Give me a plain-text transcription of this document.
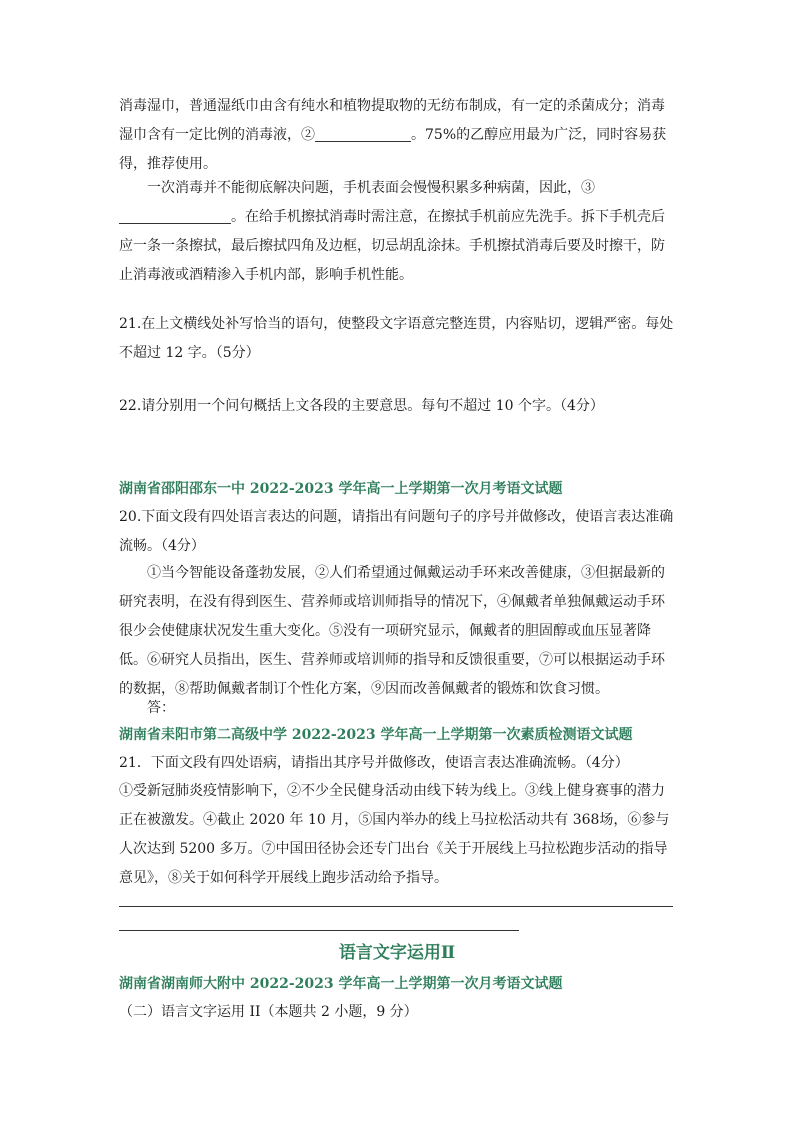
消毒湿巾，普通湿纸巾由含有纯水和植物提取物的无纺布制成，有一定的杀菌成分；消毒湿巾含有一定比例的消毒液，②	。75%的乙醇应用最为广泛，同时容易获得，推荐使用。

一次消毒并不能彻底解决问题，手机表面会慢慢积累多种病菌，因此，③。在给手机擦拭消毒时需注意，在擦拭手机前应先洗手。拆下手机壳后应一条一条擦拭，最后擦拭四角及边框，切忌胡乱涂抹。手机擦拭消毒后要及时擦干，防止消毒液或酒精渗入手机内部，影响手机性能。

21.在上文横线处补写恰当的语句，使整段文字语意完整连贯，内容贴切，逻辑严密。每处不超过 12 字。（5分）

22.请分别用一个问句概括上文各段的主要意思。每句不超过 10 个字。（4分）

湖南省邵阳邵东一中 2022-2023 学年高一上学期第一次月考语文试题

20.下面文段有四处语言表达的问题，请指出有问题句子的序号并做修改，使语言表达准确流畅。（4分）

①当今智能设备蓬勃发展，②人们希望通过佩戴运动手环来改善健康，③但据最新的研究表明，在没有得到医生、营养师或培训师指导的情况下，④佩戴者单独佩戴运动手环很少会使健康状况发生重大变化。⑤没有一项研究显示，佩戴者的胆固醇或血压显著降低。⑥研究人员指出，医生、营养师或培训师的指导和反馈很重要，⑦可以根据运动手环的数据，⑧帮助佩戴者制订个性化方案，⑨因而改善佩戴者的锻炼和饮食习惯。

答：

湖南省耒阳市第二高级中学 2022-2023 学年高一上学期第一次素质检测语文试题

21．下面文段有四处语病，请指出其序号并做修改，使语言表达准确流畅。（4分）

①受新冠肺炎疫情影响下，②不少全民健身活动由线下转为线上。③线上健身赛事的潜力正在被激发。④截止 2020 年 10 月，⑤国内举办的线上马拉松活动共有 368场，⑥参与人次达到 5200 多万。⑦中国田径协会还专门出台《关于开展线上马拉松跑步活动的指导意见》，⑧关于如何科学开展线上跑步活动给予指导。

语言文字运用Ⅱ

湖南省湖南师大附中 2022-2023 学年高一上学期第一次月考语文试题

（二）语言文字运用 II（本题共 2 小题，9 分）
